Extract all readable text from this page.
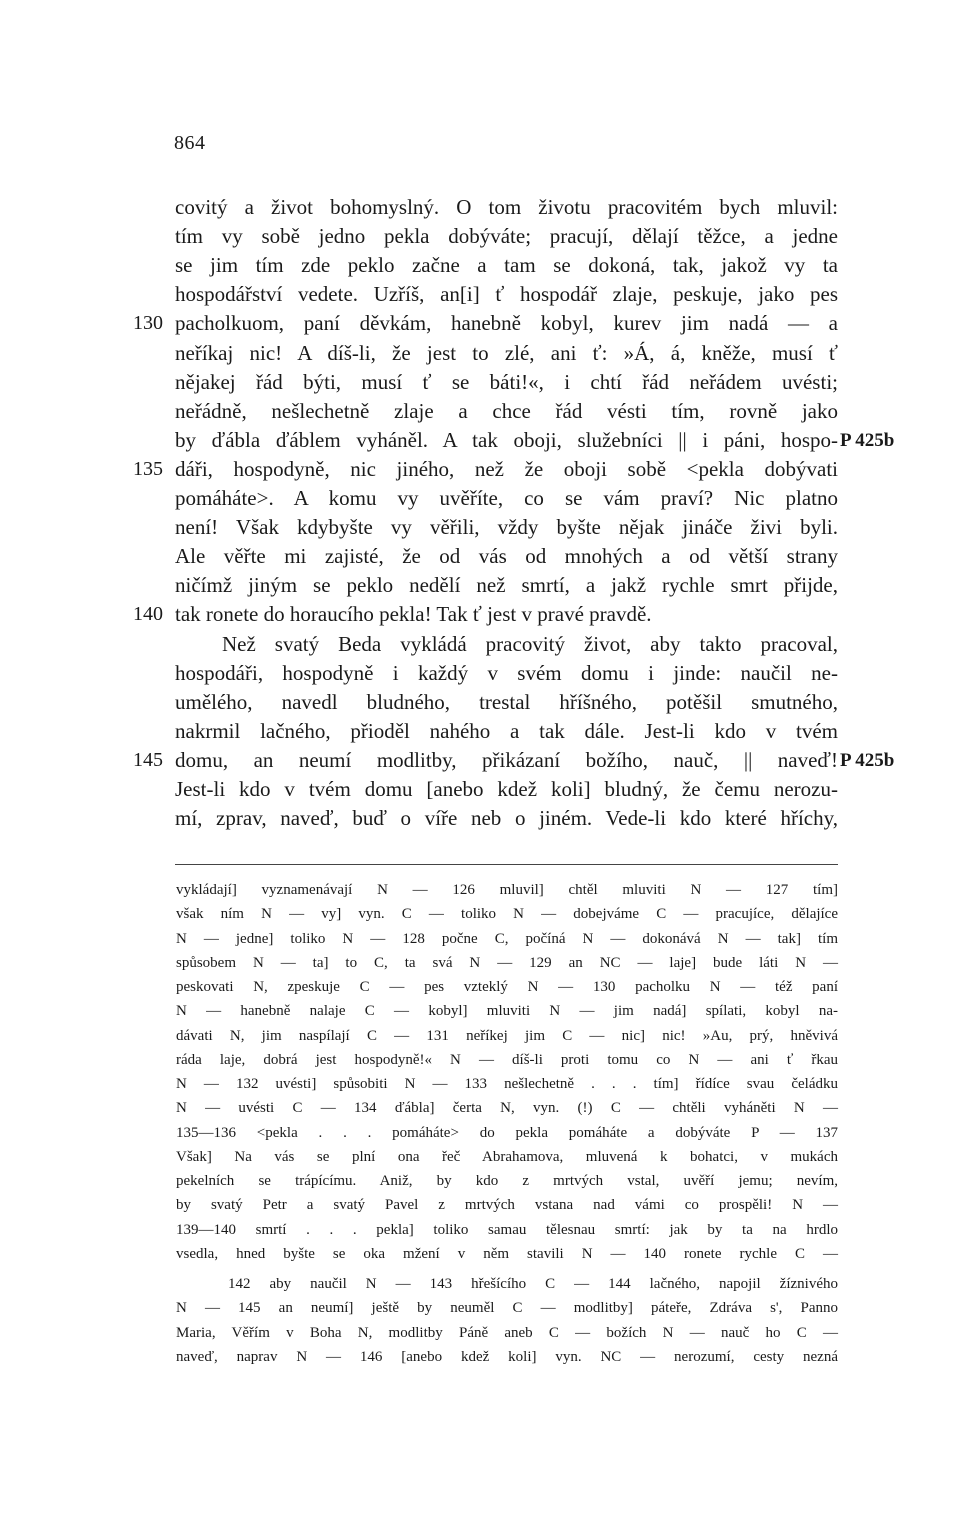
864
covitý a život bohomyslný. O tom životu pracovitém bych mluvil:
tím vy sobě jedno pekla dobýváte; pracují, dělají těžce, a jedne
se jim tím zde peklo začne a tam se dokoná, tak, jakož vy ta
hospodářství vedete. Uzříš, an[i] ť hospodář zlaje, peskuje, jako pes
pacholkuom, paní děvkám, hanebně kobyl, kurev jim nadá — a
130
neříkaj nic! A díš-li, že jest to zlé, ani ť: »Á, á, kněže, musí ť
nějakej řád býti, musí ť se báti!«, i chtí řád neřádem uvésti;
neřádně, nešlechetně zlaje a chce řád vésti tím, rovně jako
by ďábla ďáblem vyháněl. A tak oboji, služebníci || i páni, hospo- P 425b
dáři, hospodyně, nic jiného, než že oboji sobě <pekla dobývati
135
pomáháte>. A komu vy uvěříte, co se vám praví? Nic platno
není! Však kdybyšte vy věřili, vždy byšte nějak jináče živi byli.
Ale věřte mi zajisté, že od vás od mnohých a od větší strany
ničímž jiným se peklo nedělí než smrtí, a jakž rychle smrt přijde,
tak ronete do horaucího pekla! Tak ť jest v pravé pravdě.
140
Než svatý Beda vykládá pracovitý život, aby takto pracoval,
hospodáři, hospodyně i každý v svém domu i jinde: naučil ne-
umělého, navedl bludného, trestal hříšného, potěšil smutného,
nakrmil lačného, přioděl nahého a tak dále. Jest-li kdo v tvém
domu, an neumí modlitby, přikázaní božího, nauč, || naveď!
145	P 425b
Jest-li kdo v tvém domu [anebo kdež koli] bludný, že čemu nerozu-
mí, zprav, naveď, buď o víře neb o jiném. Vede-li kdo které hříchy,
vykládají] vyznamenávají N — 126 mluvil] chtěl mluviti N — 127 tím]
však ním N — vy] vyn. C — toliko N — dobejváme C — pracujíce, dělajíce
N — jedne] toliko N — 128 počne C, počíná N — dokonává N — tak] tím
spůsobem N — ta] to C, ta svá N — 129 an NC — laje] bude láti N —
peskovati N, zpeskuje C — pes vzteklý N — 130 pacholku N — též paní
N — hanebně nalaje C — kobyl] mluviti N — jim nadá] spílati, kobyl na-
dávati N, jim naspílají C — 131 neříkej jim C — nic] nic! »Au, prý, hněvivá
ráda laje, dobrá jest hospodyně!« N — díš-li proti tomu co N — ani ť řkau
N — 132 uvésti] spůsobiti N — 133 nešlechetně . . . tím] řídíce svau čeládku
N — uvésti C — 134 ďábla] čerta N, vyn. (!) C — chtěli vyháněti N —
135—136 <pekla . . . pomáháte> do pekla pomáháte a dobýváte P — 137
Však] Na vás se plní ona řeč Abrahamova, mluvená k bohatci, v mukách
pekelních se trápícímu. Aniž, by kdo z mrtvých vstal, uvěří jemu; nevím,
by svatý Petr a svatý Pavel z mrtvých vstana nad vámi co prospěli! N —
139—140 smrtí . . . pekla] toliko samau tělesnau smrtí: jak by ta na hrdlo
vsedla, hned byšte se oka mžení v něm stavili N — 140 ronete rychle C —
142 aby naučil N — 143 hřešícího C — 144 lačného, napojil žíznivého
N — 145 an neumí] ještě by neuměl C — modlitby] páteře, Zdráva s', Panno
Maria, Věřím v Boha N, modlitby Páně aneb C — božích N — nauč ho C —
naveď, naprav N — 146 [anebo kdež koli] vyn. NC — nerozumí, cesty nezná
